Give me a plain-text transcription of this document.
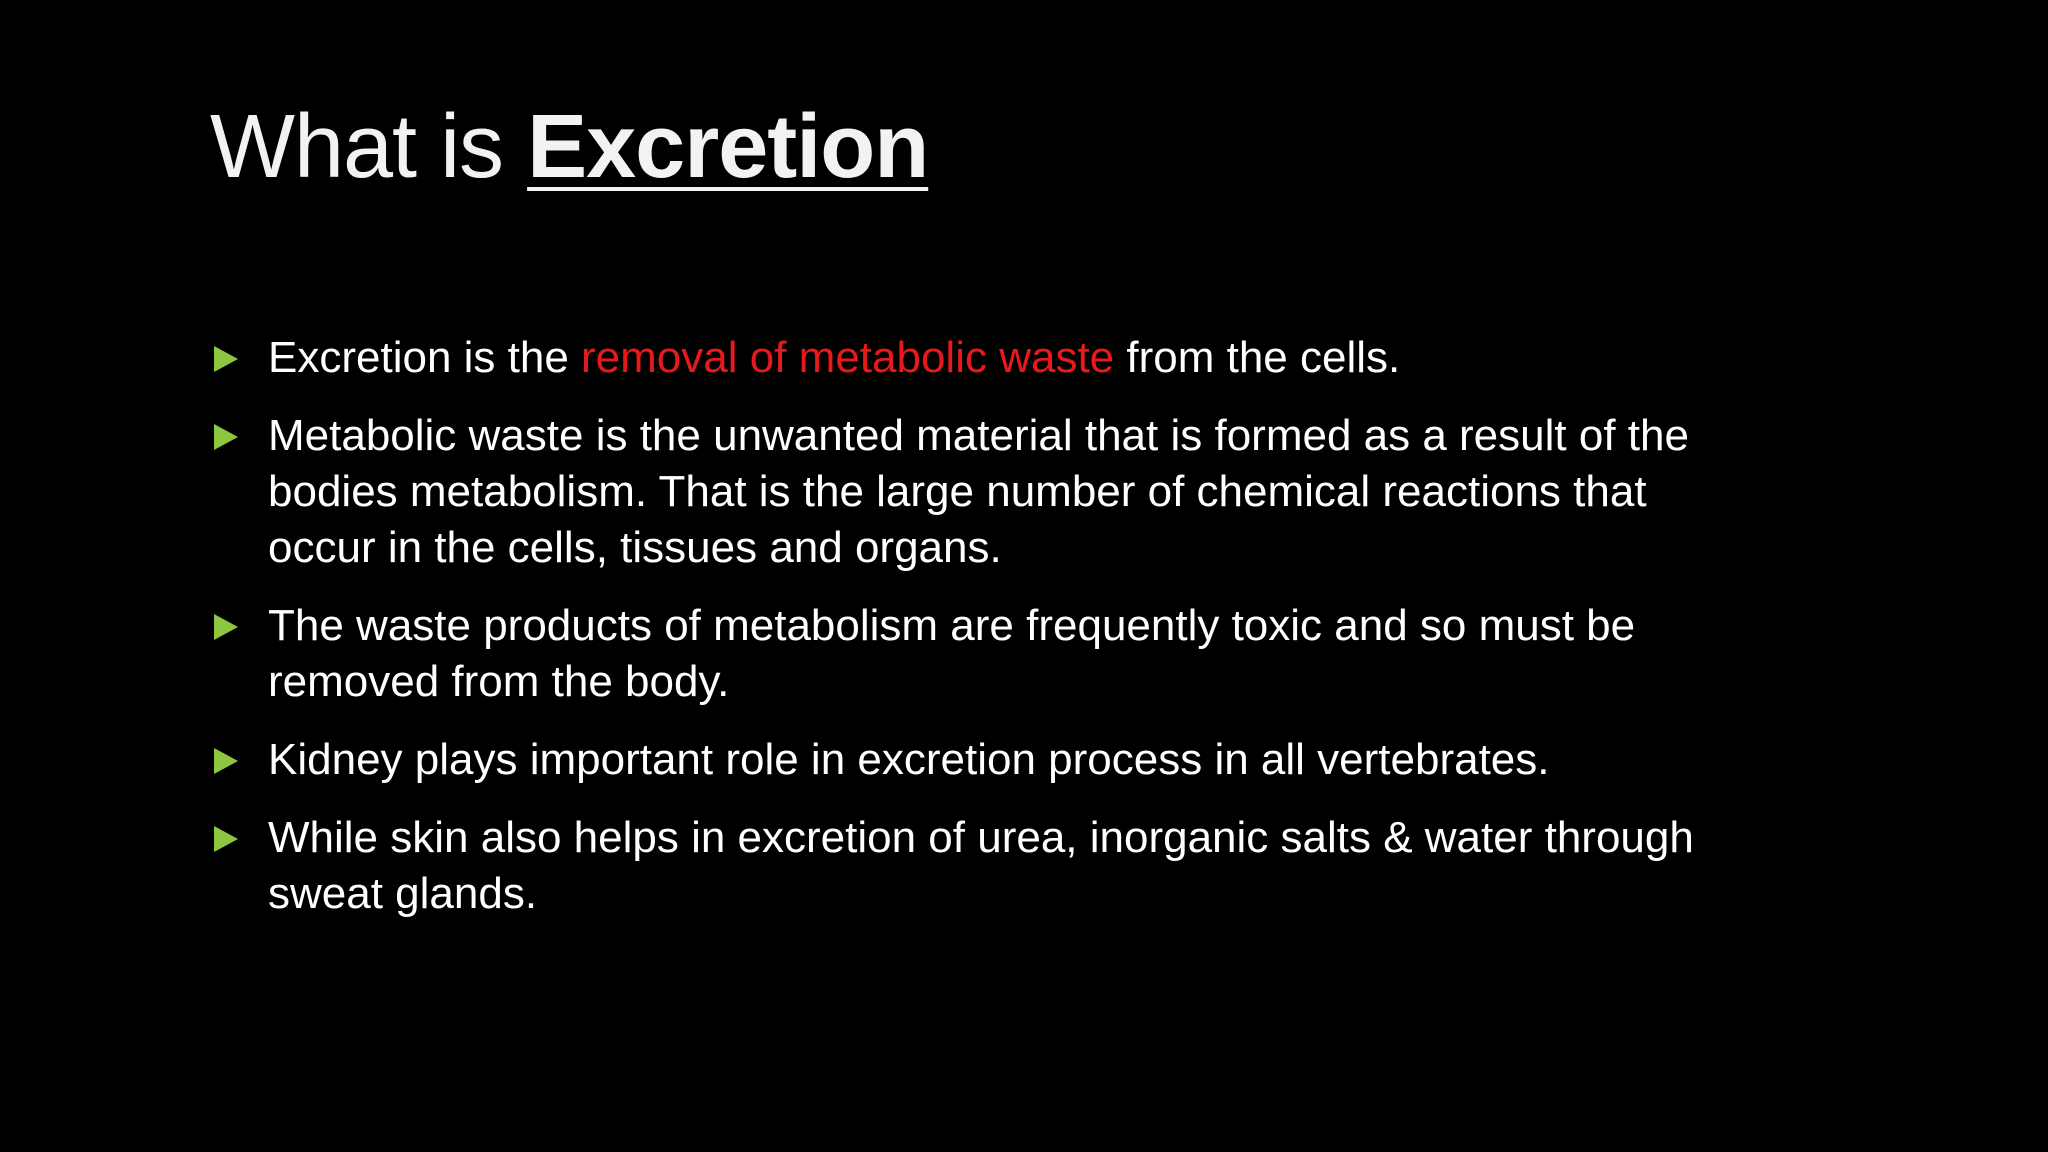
What is Excretion
Excretion is the removal of metabolic waste from the cells.
Metabolic waste is the unwanted material that is formed as a result of the bodies metabolism. That is the large number of chemical reactions that occur in the cells, tissues and organs.
The waste products of metabolism are frequently toxic and so must be removed from the body.
Kidney plays important role in excretion process in all vertebrates.
While skin also helps in excretion of urea, inorganic salts & water through sweat glands.
